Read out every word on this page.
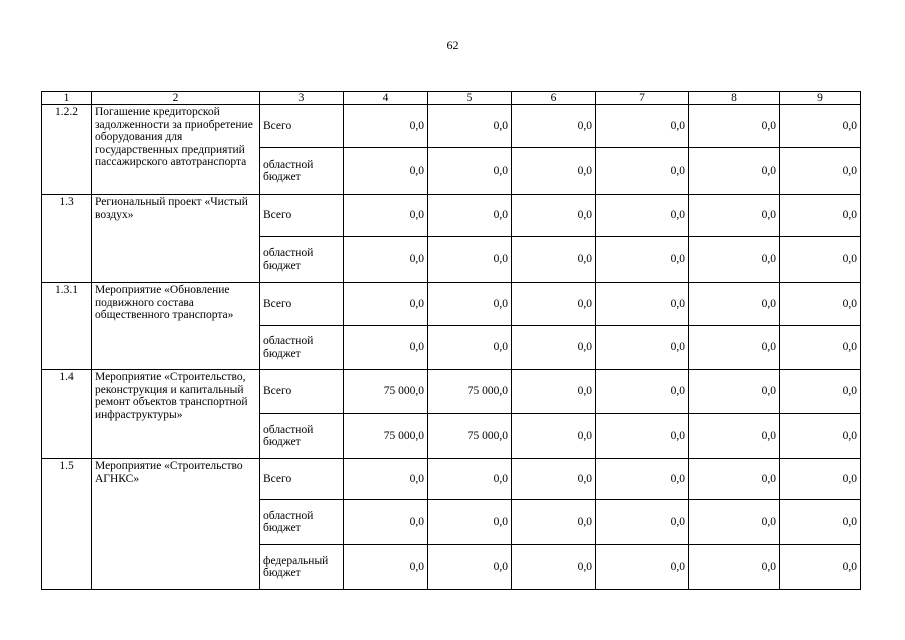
62
1	2	3	4	5	6	7	8	9
1.2.2	Погашение кредиторской задолженности за приобретение оборудования для государственных предприятий пассажирского автотранспорта	Всего	0,0	0,0	0,0	0,0	0,0	0,0
		областной бюджет	0,0	0,0	0,0	0,0	0,0	0,0
1.3	Региональный проект «Чистый воздух»	Всего	0,0	0,0	0,0	0,0	0,0	0,0
		областной бюджет	0,0	0,0	0,0	0,0	0,0	0,0
1.3.1	Мероприятие «Обновление подвижного состава общественного транспорта»	Всего	0,0	0,0	0,0	0,0	0,0	0,0
		областной бюджет	0,0	0,0	0,0	0,0	0,0	0,0
1.4	Мероприятие «Строительство, реконструкция и капитальный ремонт объектов транспортной инфраструктуры»	Всего	75 000,0	75 000,0	0,0	0,0	0,0	0,0
		областной бюджет	75 000,0	75 000,0	0,0	0,0	0,0	0,0
1.5	Мероприятие «Строительство АГНКС»	Всего	0,0	0,0	0,0	0,0	0,0	0,0
		областной бюджет	0,0	0,0	0,0	0,0	0,0	0,0
		федеральный бюджет	0,0	0,0	0,0	0,0	0,0	0,0
